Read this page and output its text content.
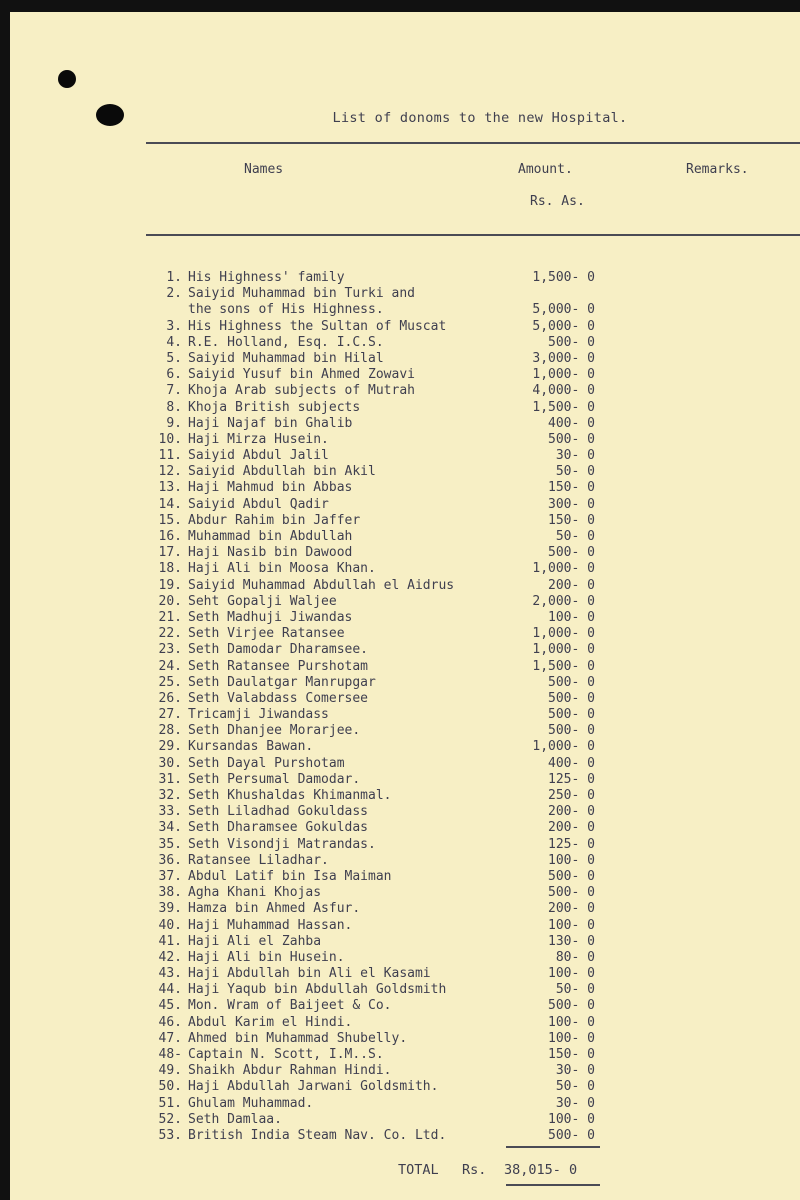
List of donoms to the new Hospital.
Names	Amount.	Remarks.
Rs. As.
1. His Highness' family	1,500- 0
2. Saiyid Muhammad bin Turki and
the sons of His Highness.	5,000- 0
3. His Highness the Sultan of Muscat	5,000- 0
4. R.E. Holland, Esq. I.C.S.	500- 0
5. Saiyid Muhammad bin Hilal	3,000- 0
6. Saiyid Yusuf bin Ahmed Zowavi	1,000- 0
7. Khoja Arab subjects of Mutrah	4,000- 0
8. Khoja British subjects	1,500- 0
9. Haji Najaf bin Ghalib	400- 0
10. Haji Mirza Husein.	500- 0
11. Saiyid Abdul Jalil	30- 0
12. Saiyid Abdullah bin Akil	50- 0
13. Haji Mahmud bin Abbas	150- 0
14. Saiyid Abdul Qadir	300- 0
15. Abdur Rahim bin Jaffer	150- 0
16. Muhammad bin Abdullah	50- 0
17. Haji Nasib bin Dawood	500- 0
18. Haji Ali bin Moosa Khan.	1,000- 0
19. Saiyid Muhammad Abdullah el Aidrus	200- 0
20. Seht Gopalji Waljee	2,000- 0
21. Seth Madhuji Jiwandas	100- 0
22. Seth Virjee Ratansee	1,000- 0
23. Seth Damodar Dharamsee.	1,000- 0
24. Seth Ratansee Purshotam	1,500- 0
25. Seth Daulatgar Manrupgar	500- 0
26. Seth Valabdass Comersee	500- 0
27. Tricamji Jiwandass	500- 0
28. Seth Dhanjee Morarjee.	500- 0
29. Kursandas Bawan.	1,000- 0
30. Seth Dayal Purshotam	400- 0
31. Seth Persumal Damodar.	125- 0
32. Seth Khushaldas Khimanmal.	250- 0
33. Seth Liladhad Gokuldass	200- 0
34. Seth Dharamsee Gokuldas	200- 0
35. Seth Visondji Matrandas.	125- 0
36. Ratansee Liladhar.	100- 0
37. Abdul Latif bin Isa Maiman	500- 0
38. Agha Khani Khojas	500- 0
39. Hamza bin Ahmed Asfur.	200- 0
40. Haji Muhammad Hassan.	100- 0
41. Haji Ali el Zahba	130- 0
42. Haji Ali bin Husein.	80- 0
43. Haji Abdullah bin Ali el Kasami	100- 0
44. Haji Yaqub bin Abdullah Goldsmith	50- 0
45. Mon. Wram of Baijeet & Co.	500- 0
46. Abdul Karim el Hindi.	100- 0
47. Ahmed bin Muhammad Shubelly.	100- 0
48- Captain N. Scott, I.M..S.	150- 0
49. Shaikh Abdur Rahman Hindi.	30- 0
50. Haji Abdullah Jarwani Goldsmith.	50- 0
51. Ghulam Muhammad.	30- 0
52. Seth Damlaa.	100- 0
53. British India Steam Nav. Co. Ltd.	500- 0
TOTAL Rs. 38,015- 0
